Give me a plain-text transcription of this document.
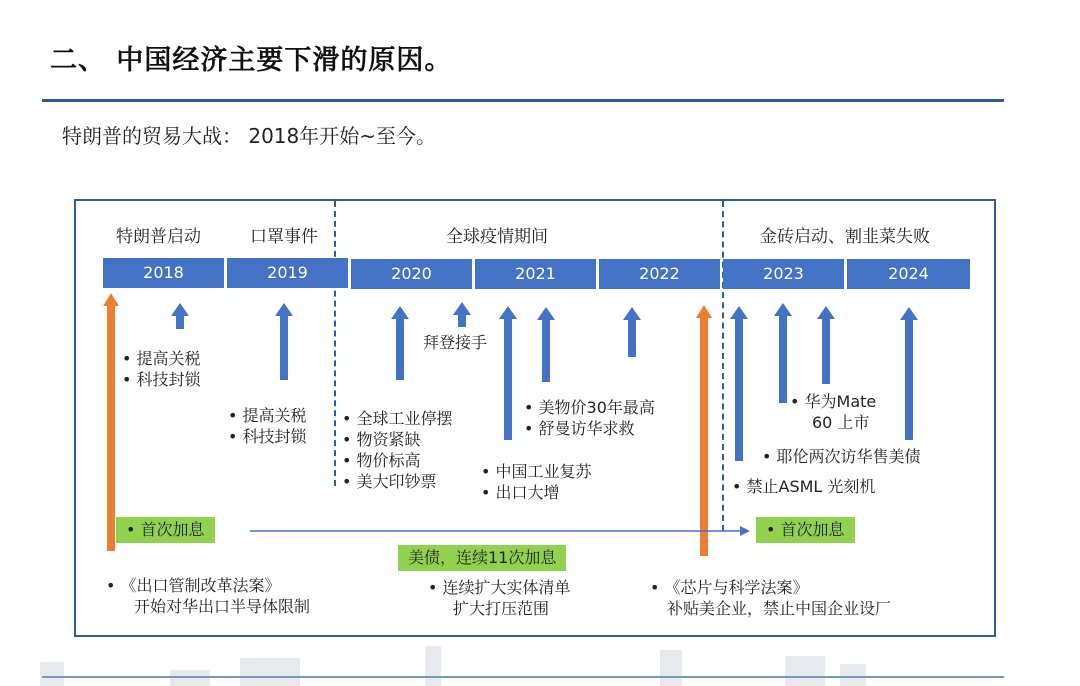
二、 中国经济主要下滑的原因。
特朗普的贸易大战： 2018年开始~至今。
特朗普启动	口罩事件	全球疫情期间	金砖启动、割韭菜失败
2018	2019	2020	2021	2022	2023	2024
• 提高关税
• 科技封锁
• 提高关税
• 科技封锁
拜登接手
• 全球工业停摆
• 物资紧缺
• 物价标高
• 美大印钞票
• 美物价30年最高
• 舒曼访华求救
• 中国工业复苏
• 出口大增
• 华为Mate
60 上市
• 耶伦两次访华售美债
• 禁止ASML 光刻机
• 首次加息	• 首次加息
美债，连续11次加息
• 《出口管制改革法案》
开始对华出口半导体限制
• 连续扩大实体清单
扩大打压范围
• 《芯片与科学法案》
补贴美企业，禁止中国企业设厂
